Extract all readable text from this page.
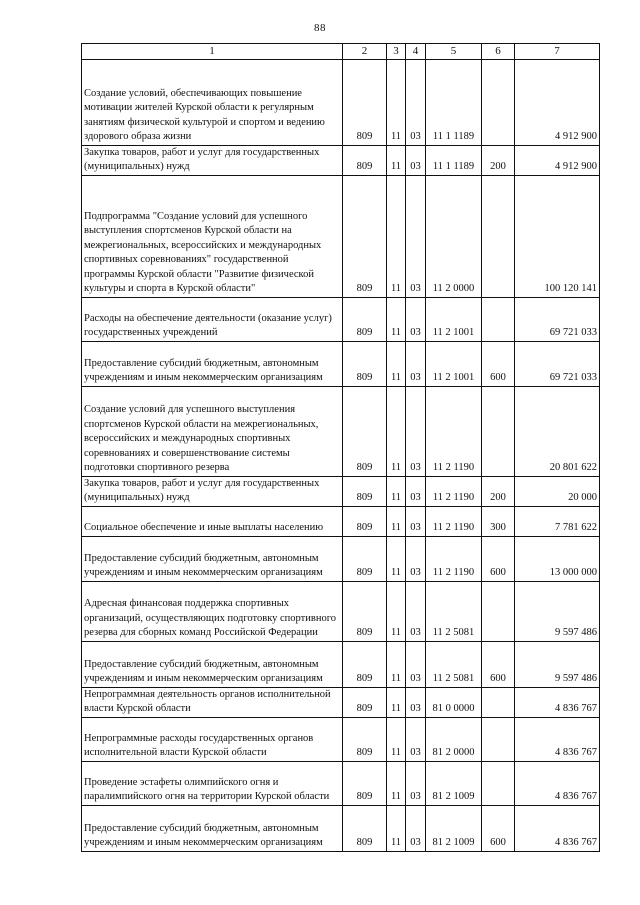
88
1	2	3	4	5	6	7
Создание условий, обеспечивающих повышение мотивации жителей Курской области к регулярным занятиям физической культурой и спортом и ведению здорового образа жизни	809	11	03	11 1 1189		4 912 900
Закупка товаров, работ и услуг для государственных (муниципальных) нужд	809	11	03	11 1 1189	200	4 912 900
Подпрограмма "Создание условий для успешного выступления спортсменов Курской области на межрегиональных, всероссийских и международных спортивных соревнованиях" государственной программы Курской области "Развитие физической культуры и спорта в Курской области"	809	11	03	11 2 0000		100 120 141
Расходы на обеспечение деятельности (оказание услуг) государственных учреждений	809	11	03	11 2 1001		69 721 033
Предоставление субсидий бюджетным, автономным учреждениям и иным некоммерческим организациям	809	11	03	11 2 1001	600	69 721 033
Создание условий для успешного выступления спортсменов Курской области на межрегиональных, всероссийских и международных спортивных соревнованиях и совершенствование системы подготовки спортивного резерва	809	11	03	11 2 1190		20 801 622
Закупка товаров, работ и услуг для государственных (муниципальных) нужд	809	11	03	11 2 1190	200	20 000
Социальное обеспечение и иные выплаты населению	809	11	03	11 2 1190	300	7 781 622
Предоставление субсидий бюджетным, автономным учреждениям и иным некоммерческим организациям	809	11	03	11 2 1190	600	13 000 000
Адресная финансовая поддержка спортивных организаций, осуществляющих подготовку спортивного резерва для сборных команд Российской Федерации	809	11	03	11 2 5081		9 597 486
Предоставление субсидий бюджетным, автономным учреждениям и иным некоммерческим организациям	809	11	03	11 2 5081	600	9 597 486
Непрограммная деятельность органов исполнительной власти Курской области	809	11	03	81 0 0000		4 836 767
Непрограммные расходы государственных органов исполнительной власти Курской области	809	11	03	81 2 0000		4 836 767
Проведение эстафеты олимпийского огня и паралимпийского огня на территории Курской области	809	11	03	81 2 1009		4 836 767
Предоставление субсидий бюджетным, автономным учреждениям и иным некоммерческим организациям	809	11	03	81 2 1009	600	4 836 767
